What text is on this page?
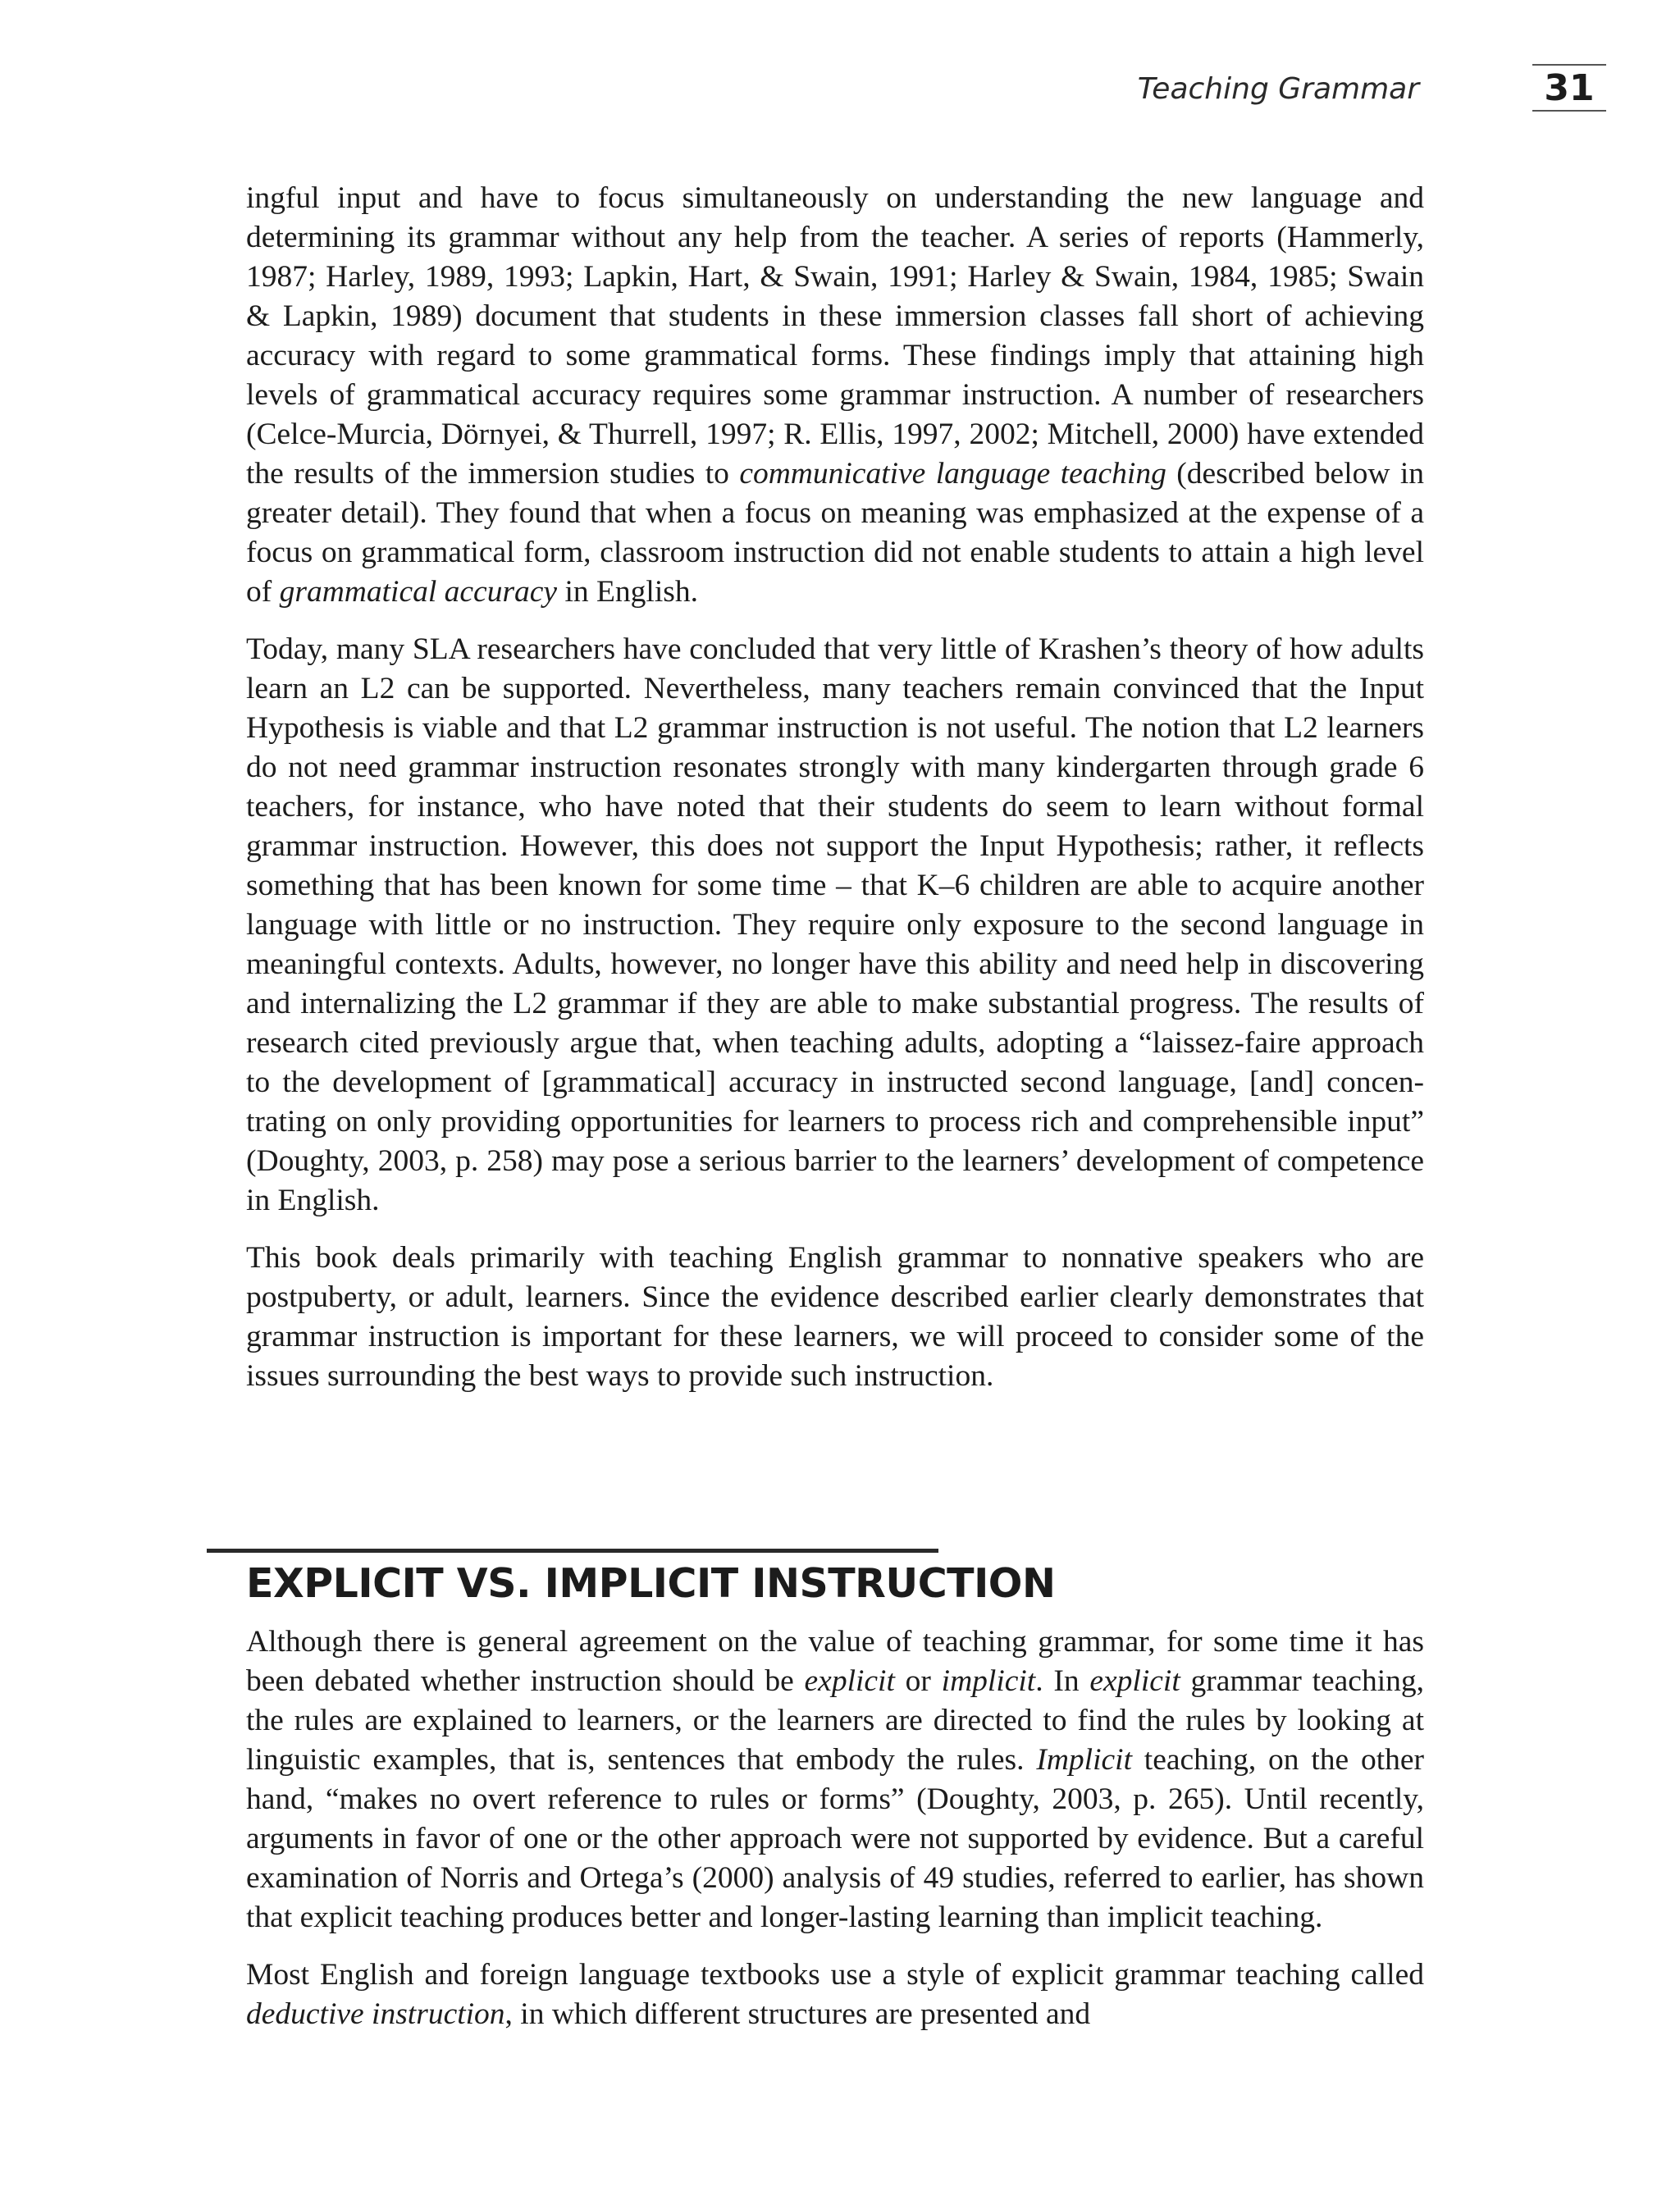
Teaching Grammar	31

ingful input and have to focus simultaneously on understanding the new language and determining its grammar without any help from the teacher. A series of reports (Hammerly, 1987; Harley, 1989, 1993; Lapkin, Hart, & Swain, 1991; Harley & Swain, 1984, 1985; Swain & Lapkin, 1989) document that students in these immersion classes fall short of achieving accuracy with regard to some grammatical forms. These findings imply that attaining high levels of grammatical accuracy requires some grammar instruction. A number of researchers (Celce-Murcia, Dörnyei, & Thurrell, 1997; R. Ellis, 1997, 2002; Mitchell, 2000) have extended the results of the immersion studies to communicative language teaching (described below in greater detail). They found that when a focus on meaning was emphasized at the expense of a focus on grammatical form, classroom instruction did not enable students to attain a high level of grammatical accuracy in English.

Today, many SLA researchers have concluded that very little of Krashen’s theory of how adults learn an L2 can be supported. Nevertheless, many teachers remain convinced that the Input Hypothesis is viable and that L2 grammar instruction is not useful. The notion that L2 learners do not need grammar instruction resonates strongly with many kindergarten through grade 6 teachers, for instance, who have noted that their students do seem to learn without formal grammar instruction. However, this does not support the Input Hypothesis; rather, it reflects something that has been known for some time – that K–6 children are able to acquire another language with little or no instruction. They require only exposure to the second language in meaningful contexts. Adults, however, no longer have this ability and need help in discovering and internalizing the L2 grammar if they are able to make substantial progress. The results of research cited previously argue that, when teaching adults, adopting a “laissez-faire approach to the development of [grammatical] accuracy in instructed second language, [and] concentrating on only providing opportunities for learners to process rich and comprehensible input” (Doughty, 2003, p. 258) may pose a serious barrier to the learners’ development of competence in English.

This book deals primarily with teaching English grammar to nonnative speakers who are postpuberty, or adult, learners. Since the evidence described earlier clearly demonstrates that grammar instruction is important for these learners, we will proceed to consider some of the issues surrounding the best ways to provide such instruction.

EXPLICIT VS. IMPLICIT INSTRUCTION

Although there is general agreement on the value of teaching grammar, for some time it has been debated whether instruction should be explicit or implicit. In explicit grammar teaching, the rules are explained to learners, or the learners are directed to find the rules by looking at linguistic examples, that is, sentences that embody the rules. Implicit teaching, on the other hand, “makes no overt reference to rules or forms” (Doughty, 2003, p. 265). Until recently, arguments in favor of one or the other approach were not supported by evidence. But a careful examination of Norris and Ortega’s (2000) analysis of 49 studies, referred to earlier, has shown that explicit teaching produces better and longer-lasting learning than implicit teaching.

Most English and foreign language textbooks use a style of explicit grammar teaching called deductive instruction, in which different structures are presented and
